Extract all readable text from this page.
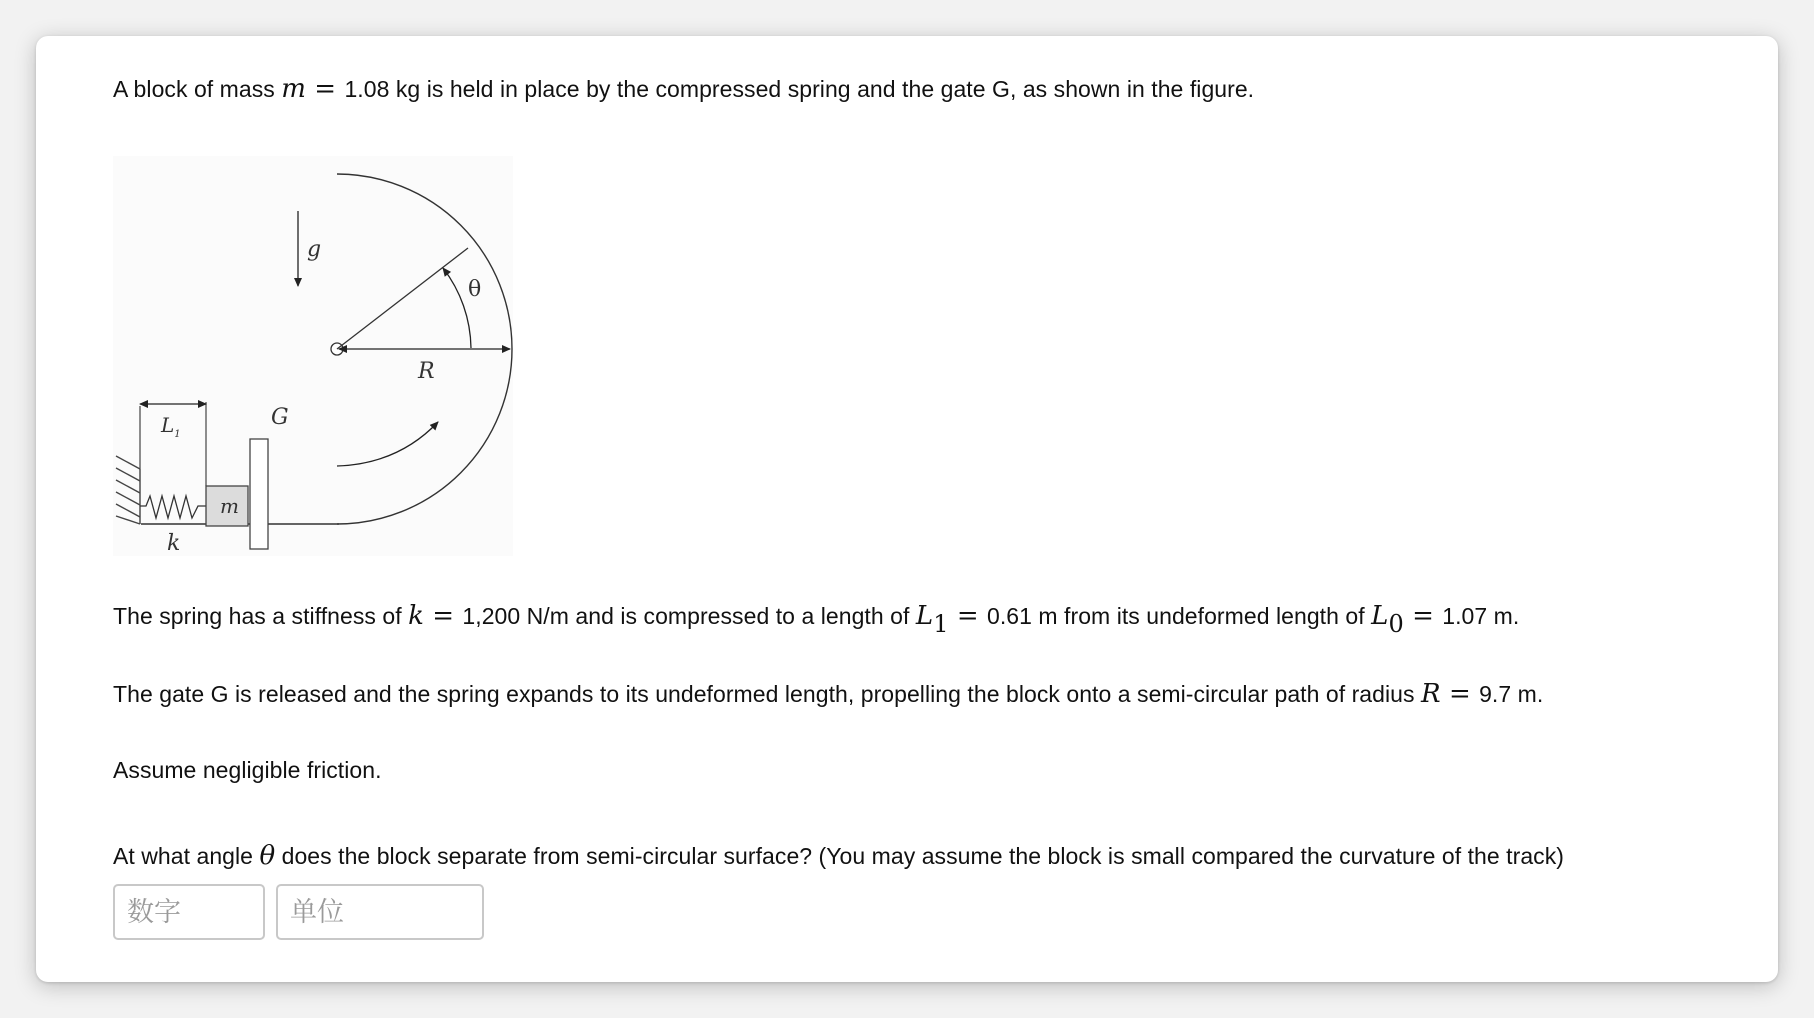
A block of mass m = 1.08 kg is held in place by the compressed spring and the gate G, as shown in the figure.
m
G
$L_1$
k
g
R
θ
The spring has a stiffness of k = 1,200 N/m and is compressed to a length of L1 = 0.61 m from its undeformed length of L0 = 1.07 m.
The gate G is released and the spring expands to its undeformed length, propelling the block onto a semi-circular path of radius R = 9.7 m.
Assume negligible friction.
At what angle θ does the block separate from semi-circular surface? (You may assume the block is small compared the curvature of the track)
数字
单位
